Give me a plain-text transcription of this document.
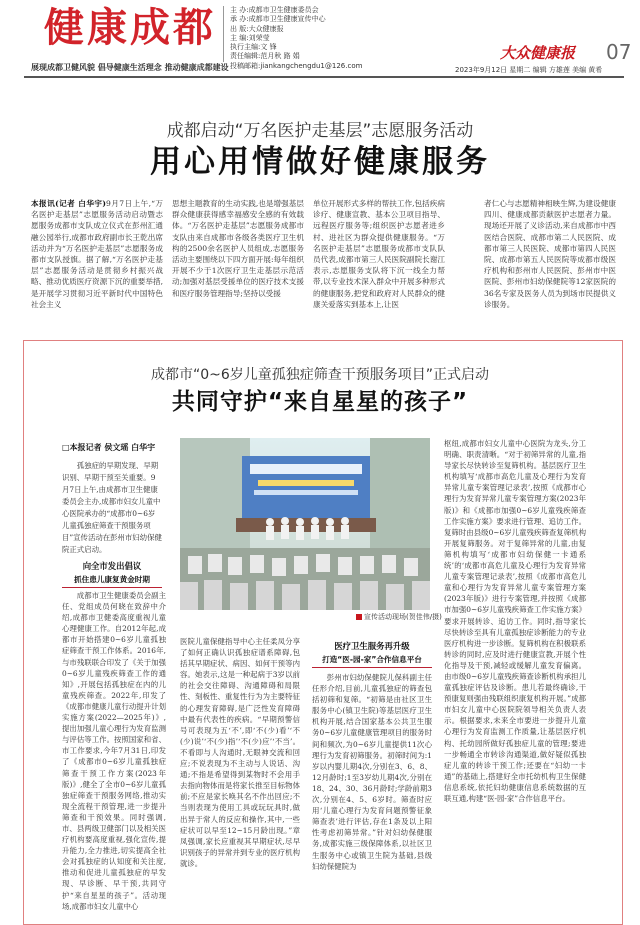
健康成都
展现成都卫健风貌 倡导健康生活理念 推动健康成都建设
主 办:成都市卫生健康委员会
承 办:成都市卫生健康宣传中心
出 版:大众健康报
主 编:刘荣莹
执行主编:文 锋
责任编辑:范月秋 路 娟
投稿邮箱:jiankangchengdu1@126.com
大众健康报 07
2023年9月12日 星期二 编辑 方雄莲 美编 黄希
成都启动“万名医护走基层”志愿服务活动
用心用情做好健康服务

本报讯(记者 白华宇)9月7日上午,“万名医护走基层”志愿服务活动启动暨志愿服务成都市支队成立仪式在彭州汇通融公园举行,成都市政府副市长王乾出席活动并为“万名医护走基层”志愿服务成都市支队授旗。据了解,“万名医护走基层”志愿服务活动是贯彻乡村振兴战略、推动优质医疗资源下沉的重要举措,是开展学习贯彻习近平新时代中国特色社会主义

思想主题教育的生动实践,也是增强基层群众健康获得感幸福感安全感的有效载体。“万名医护走基层”志愿服务成都市支队由来自成都市各级各类医疗卫生机构的2500余名医护人员组成,志愿服务活动主要围绕以下四方面开展:每年组织开展不少于1次医疗卫生走基层示范活动;加强对基层受援单位的医疗技术支援和医疗服务管理指导;坚持以受援

单位开展形式多样的帮扶工作,包括疾病诊疗、健康宣教、基本公卫项目指导、远程医疗服务等;组织医护志愿者进乡村、进社区为群众提供健康服务。“万名医护走基层”志愿服务成都市支队队员代表,成都市第三人民医院副院长谢江表示,志愿服务支队将下沉一线全力帮带,以专业技术深入群众中开展多种形式的健康服务,把党和政府对人民群众的健康关爱落实到基本上,让医

者仁心与志愿精神相映生辉,为建设健康四川、健康成都贡献医护志愿者力量。现场还开展了义诊活动,来自成都市中西医结合医院、成都市第二人民医院、成都市第三人民医院、成都市第四人民医院、成都市第五人民医院等成都市级医疗机构和彭州市人民医院、彭州市中医医院、彭州市妇幼保健院等12家医院的36名专家及医务人员为到场市民提供义诊服务。

成都市“0~6岁儿童孤独症筛查干预服务项目”正式启动
共同守护“来自星星的孩子”
□本报记者 侯文瑶 白华宇

孤独症的早期发现、早期识别、早期干预至关重要。9月7日上午,由成都市卫生健康委员会主办,成都市妇女儿童中心医院承办的“成都市0~6岁儿童孤独症筛查干预服务项目”宣传活动在彭州市妇幼保健院正式启动。

向全市发出倡议
抓住患儿康复黄金时期
宣传活动现场(贺佳伟/摄)

成都市卫生健康委员会副主任、党组成员何晓在致辞中介绍,成都市卫健委高度重视儿童心理健康工作。自2012年起,成都市开始搭建0~6岁儿童孤独症筛查干预工作体系。2016年,与市残联联合印发了《关于加强0~6岁儿童残疾筛查工作的通知》,开展包括孤独症在内的儿童残疾筛查。2022年,印发了《成都市健康儿童行动提升计划实施方案(2022—2025年)》,提出加强儿童心理行为发育监测与评估等工作。按照国家和省、市工作要求,今年7月31日,印发了《成都市0~6岁儿童孤独症筛查干预工作方案(2023年版)》,健全了全市0~6岁儿童孤独症筛查干预服务网络,推动实现全流程干预管理,进一步提升筛查和干预效果。同时强调,市、县两级卫健部门以及相关医疗机构要高度重视,强化宣传,提升能力,全力推进,切实提高全社会对孤独症的认知度和关注度,推动和促进儿童孤独症的早发现、早诊断、早干预,共同守护“来自星星的孩子”。活动现场,成都市妇女儿童中心

医院儿童保健指导中心主任柔凤分享了如何正确认识孤独症谱系障碍,包括其早期症状、病因、如何干预等内容。她表示,这是一种起病于3岁以前的社会交往障碍、沟通障碍和局限性、刻板性、重复性行为为主要特征的心理发育障碍,是广泛性发育障碍中最有代表性的疾病。“早期预警信号可表现为五‘不’,即‘不(少)看’‘不(少)说’‘不(少)指’‘不(少)应’‘不当’。不看即与人沟通时,无眼神交流和回应;不说表现为不主动与人说话、沟通;不指是希望得到某物时不会用手去指向物体而是将家长推至目标物体前;不应是家长唤其名不作出回应;不当则表现为使用工具或玩玩具时,做出异于常人的反应和操作,其中,一些症状可以早至12~15月龄出现。”章凤强调,家长应重视其早期症状,尽早识别孩子的异常并到专业的医疗机构就诊。

医疗卫生服务再升级
打造“医-园-家”合作信息平台

彭州市妇幼保健院儿保科副主任任形介绍,目前,儿童孤独症的筛查包括初筛和复筛。“初筛是由社区卫生服务中心(镇卫生院)等基层医疗卫生机构开展,结合国家基本公共卫生服务0~6岁儿童健康管理项目的服务时间和频次,为0~6岁儿童提供11次心理行为发育初筛服务。初筛时间为:1岁以内婴儿期4次,分别在3、6、8、12月龄时;1至3岁幼儿期4次,分别在18、24、30、36月龄时;学龄前期3次,分别在4、5、6岁时。筛查时应用‘儿童心理行为发育问题预警征象筛查表’进行评估,存在1条及以上阳性考虑初筛异常。”针对妇幼保健服务,成都实施三级保障体系,以社区卫生服务中心或镇卫生院为基础,县级妇幼保健院为

枢纽,成都市妇女儿童中心医院为龙头,分工明确、职责清晰。“对于初筛异常的儿童,指导家长尽快转诊至复筛机构。基层医疗卫生机构填写‘成都市高危儿童及心理行为发育异常儿童专案管理记录表’,按照《成都市心理行为发育异常儿童专案管理方案(2023年版)》和《成都市加强0~6岁儿童残疾筛查工作实施方案》要求进行管理、追访工作。复筛时由县级0~6岁儿童残疾筛查复筛机构开展复筛服务。对于复筛异常的儿童,由复筛机构填写‘成都市妇幼保健一卡通系统’的‘成都市高危儿童及心理行为发育异常儿童专案管理记录表’,按照《成都市高危儿童和心理行为发育异常儿童专案管理方案(2023年版)》进行专案管理,并按照《成都市加强0~6岁儿童残疾筛查工作实施方案》要求开展转诊、追访工作。同时,指导家长尽快转诊至具有儿童孤独症诊断能力的专业医疗机构进一步诊断。复筛机构在积极联系转诊的同时,应及时进行健康宣教,开展个性化指导及干预,减轻或缓解儿童发育偏离。由市级0~6岁儿童残疾筛查诊断机构承担儿童孤独症评估及诊断。患儿若最终确诊,干预康复则强由残联组织康复机构开展。”成都市妇女儿童中心医院院领导相关负责人表示。根据要求,未来全市要进一步提升儿童心理行为发育监测工作质量,让基层医疗机构、托幼园所做好孤独症儿童的管理;要进一步畅通全市转诊沟通渠道,做好疑似孤独症儿童的转诊干预工作;还要在“妇幼一卡通”的基础上,搭建好全市托幼机构卫生保健信息系统,依托妇幼健康信息系统数据的互联互通,构建“医-园-家”合作信息平台。
